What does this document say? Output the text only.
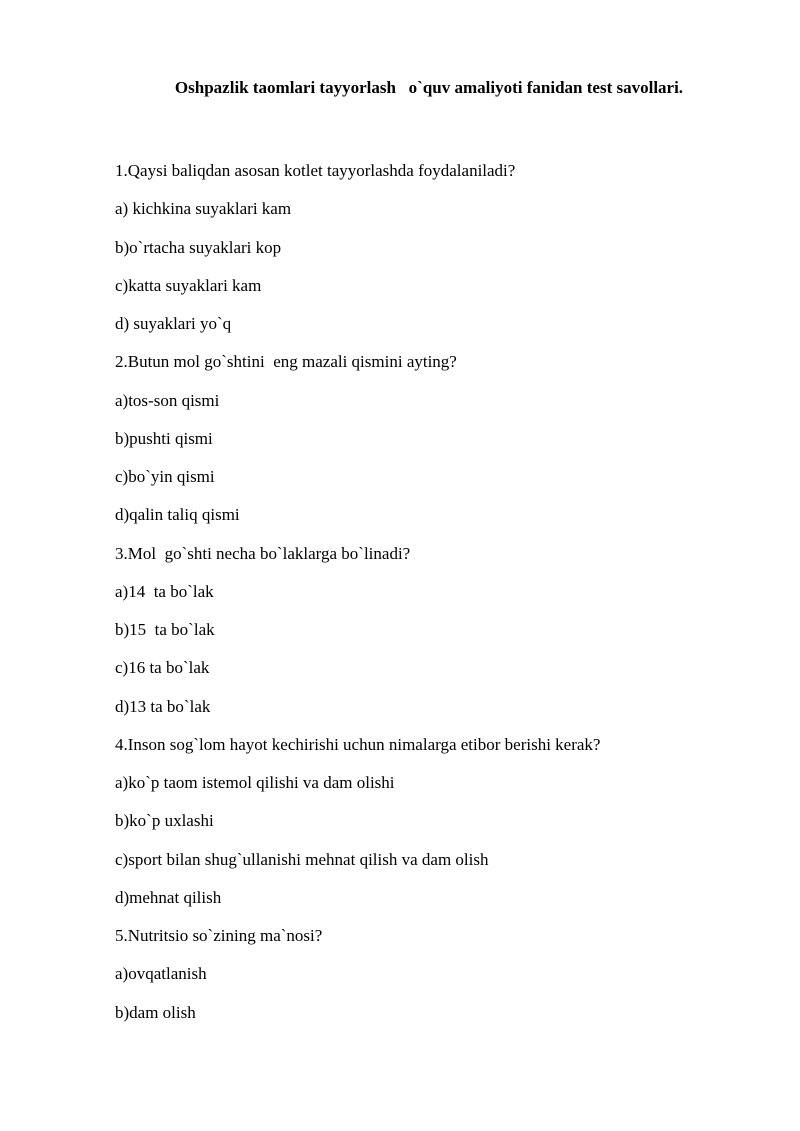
Oshpazlik taomlari tayyorlash   o`quv amaliyoti fanidan test savollari.
1.Qaysi baliqdan asosan kotlet tayyorlashda foydalaniladi?
a) kichkina suyaklari kam
b)o`rtacha suyaklari kop
c)katta suyaklari kam
d) suyaklari yo`q
2.Butun mol go`shtini  eng mazali qismini ayting?
a)tos-son qismi
b)pushti qismi
c)bo`yin qismi
d)qalin taliq qismi
3.Mol  go`shti necha bo`laklarga bo`linadi?
a)14  ta bo`lak
b)15  ta bo`lak
c)16 ta bo`lak
d)13 ta bo`lak
4.Inson sog`lom hayot kechirishi uchun nimalarga etibor berishi kerak?
a)ko`p taom istemol qilishi va dam olishi
b)ko`p uxlashi
c)sport bilan shug`ullanishi mehnat qilish va dam olish
d)mehnat qilish
5.Nutritsio so`zining ma`nosi?
a)ovqatlanish
b)dam olish
